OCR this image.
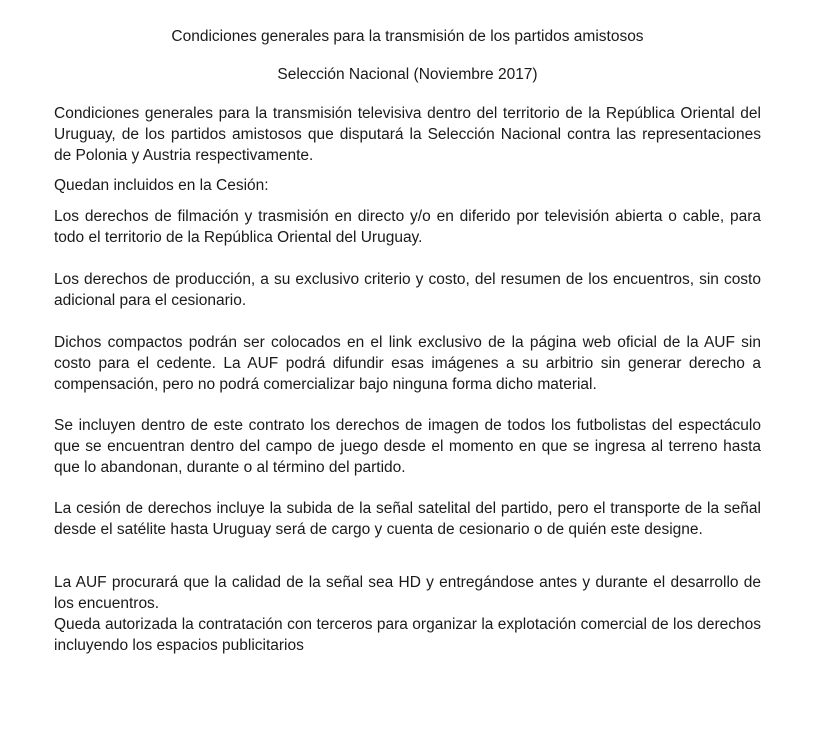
Condiciones generales para la transmisión de los partidos amistosos

Selección Nacional (Noviembre 2017)

Condiciones generales para la transmisión televisiva dentro del territorio de la República Oriental del Uruguay, de los partidos amistosos que disputará la Selección Nacional contra las representaciones de Polonia y Austria respectivamente.

Quedan incluidos en la Cesión:

Los derechos de filmación y trasmisión en directo y/o en diferido por televisión abierta o cable, para todo el territorio de la República Oriental del Uruguay.

Los derechos de producción, a su exclusivo criterio y costo, del resumen de los encuentros, sin costo adicional para el cesionario.

Dichos compactos podrán ser colocados en el link exclusivo de la página web oficial de la AUF sin costo para el cedente. La AUF podrá difundir esas imágenes a su arbitrio sin generar derecho a compensación, pero no podrá comercializar bajo ninguna forma dicho material.

Se incluyen dentro de este contrato los derechos de imagen de todos los futbolistas del espectáculo que se encuentran dentro del campo de juego desde el momento en que se ingresa al terreno hasta que lo abandonan, durante o al término del partido.

La cesión de derechos incluye la subida de la señal satelital del partido, pero el transporte de la señal desde el satélite hasta Uruguay será de cargo y cuenta de cesionario o de quién este designe.

La AUF procurará que la calidad de la señal sea HD y entregándose antes y durante el desarrollo de los encuentros.

Queda autorizada la contratación con terceros para organizar la explotación comercial de los derechos incluyendo los espacios publicitarios
